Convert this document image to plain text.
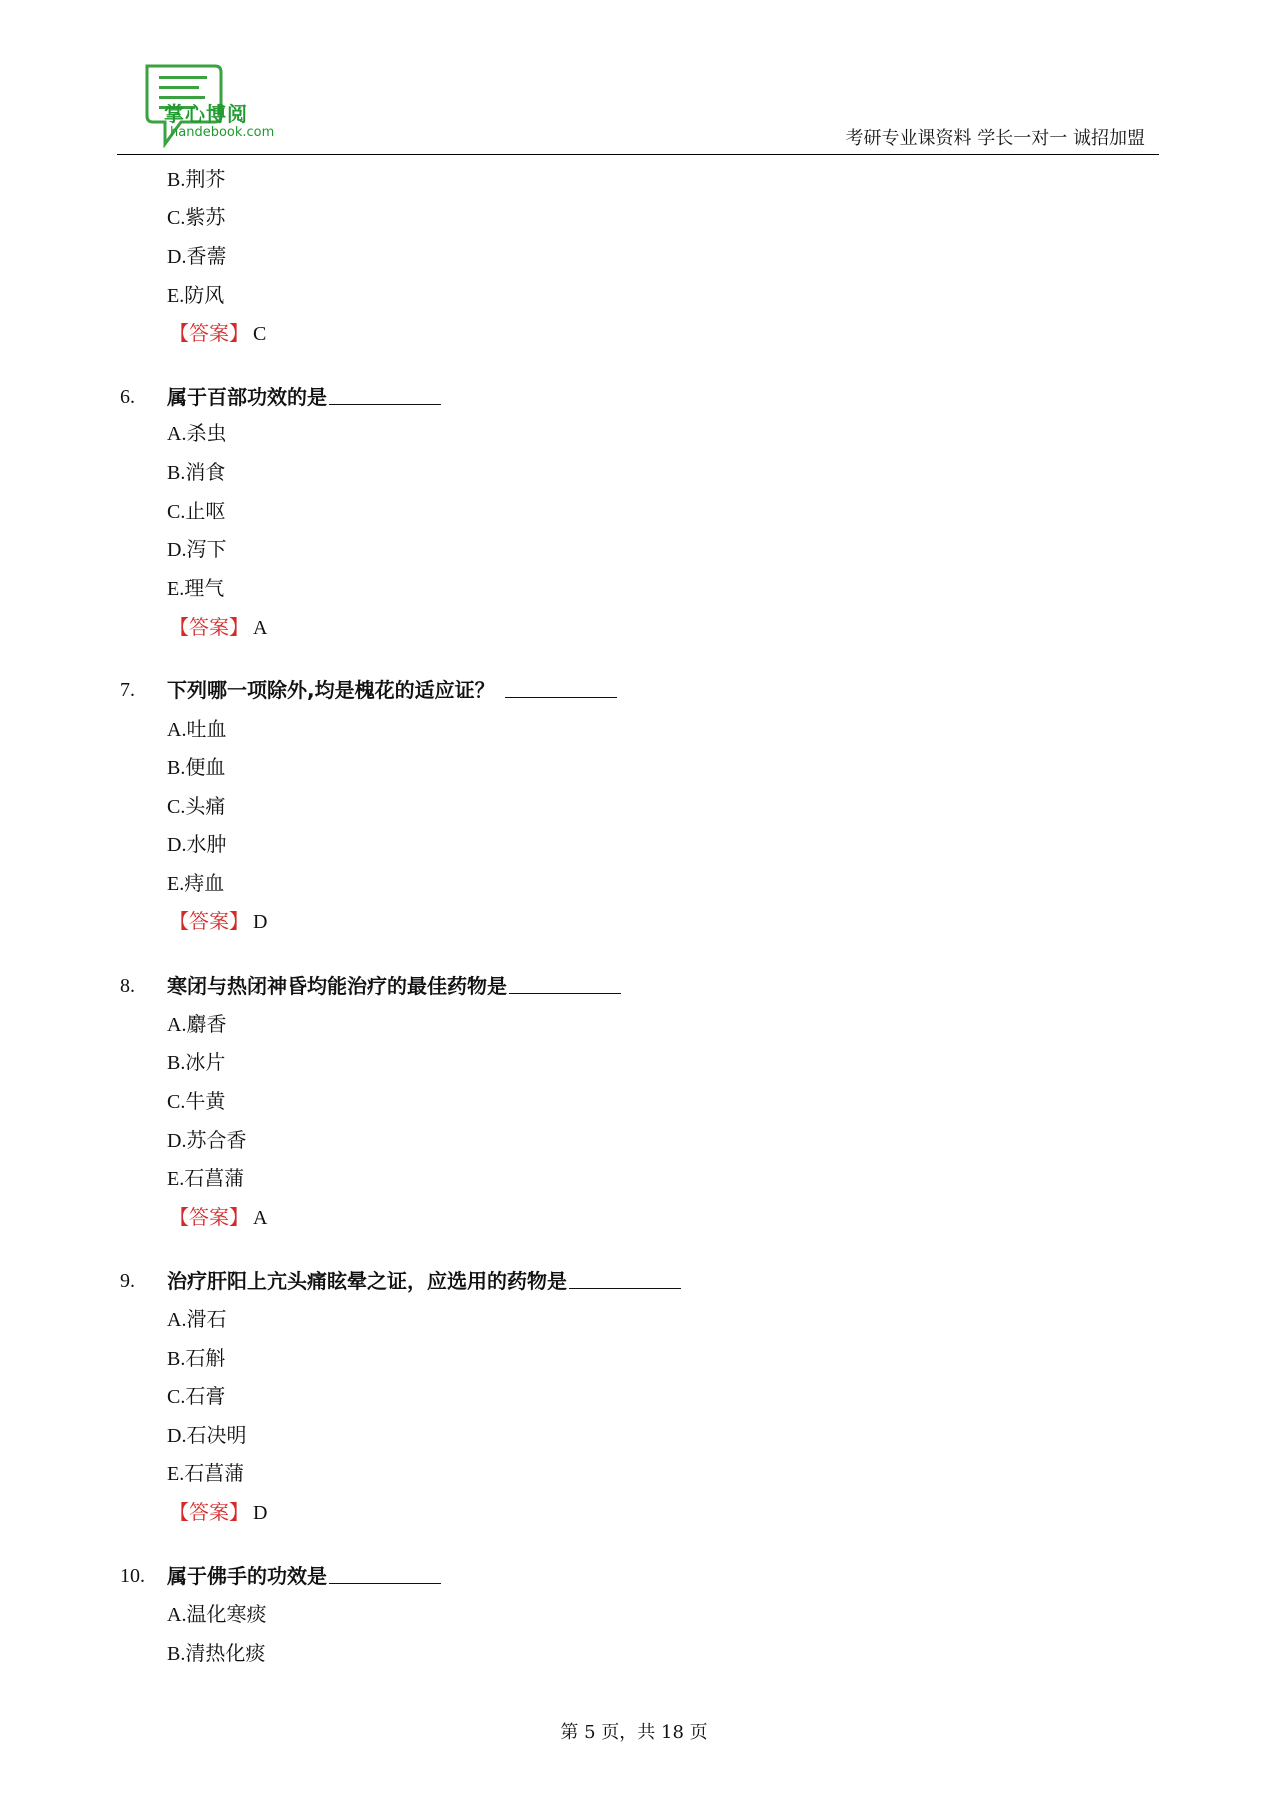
掌心博阅
handebook.com	考研专业课资料 学长一对一 诚招加盟
B.荆芥
C.紫苏
D.香薷
E.防风
【答案】 C
6. 属于百部功效的是
A.杀虫
B.消食
C.止呕
D.泻下
E.理气
【答案】 A
7. 下列哪一项除外,均是槐花的适应证？
A.吐血
B.便血
C.头痛
D.水肿
E.痔血
【答案】 D
8. 寒闭与热闭神昏均能治疗的最佳药物是
A.麝香
B.冰片
C.牛黄
D.苏合香
E.石菖蒲
【答案】 A
9. 治疗肝阳上亢头痛眩晕之证，应选用的药物是
A.滑石
B.石斛
C.石膏
D.石决明
E.石菖蒲
【答案】 D
10. 属于佛手的功效是
A.温化寒痰
B.清热化痰
第 5 页，共 18 页
